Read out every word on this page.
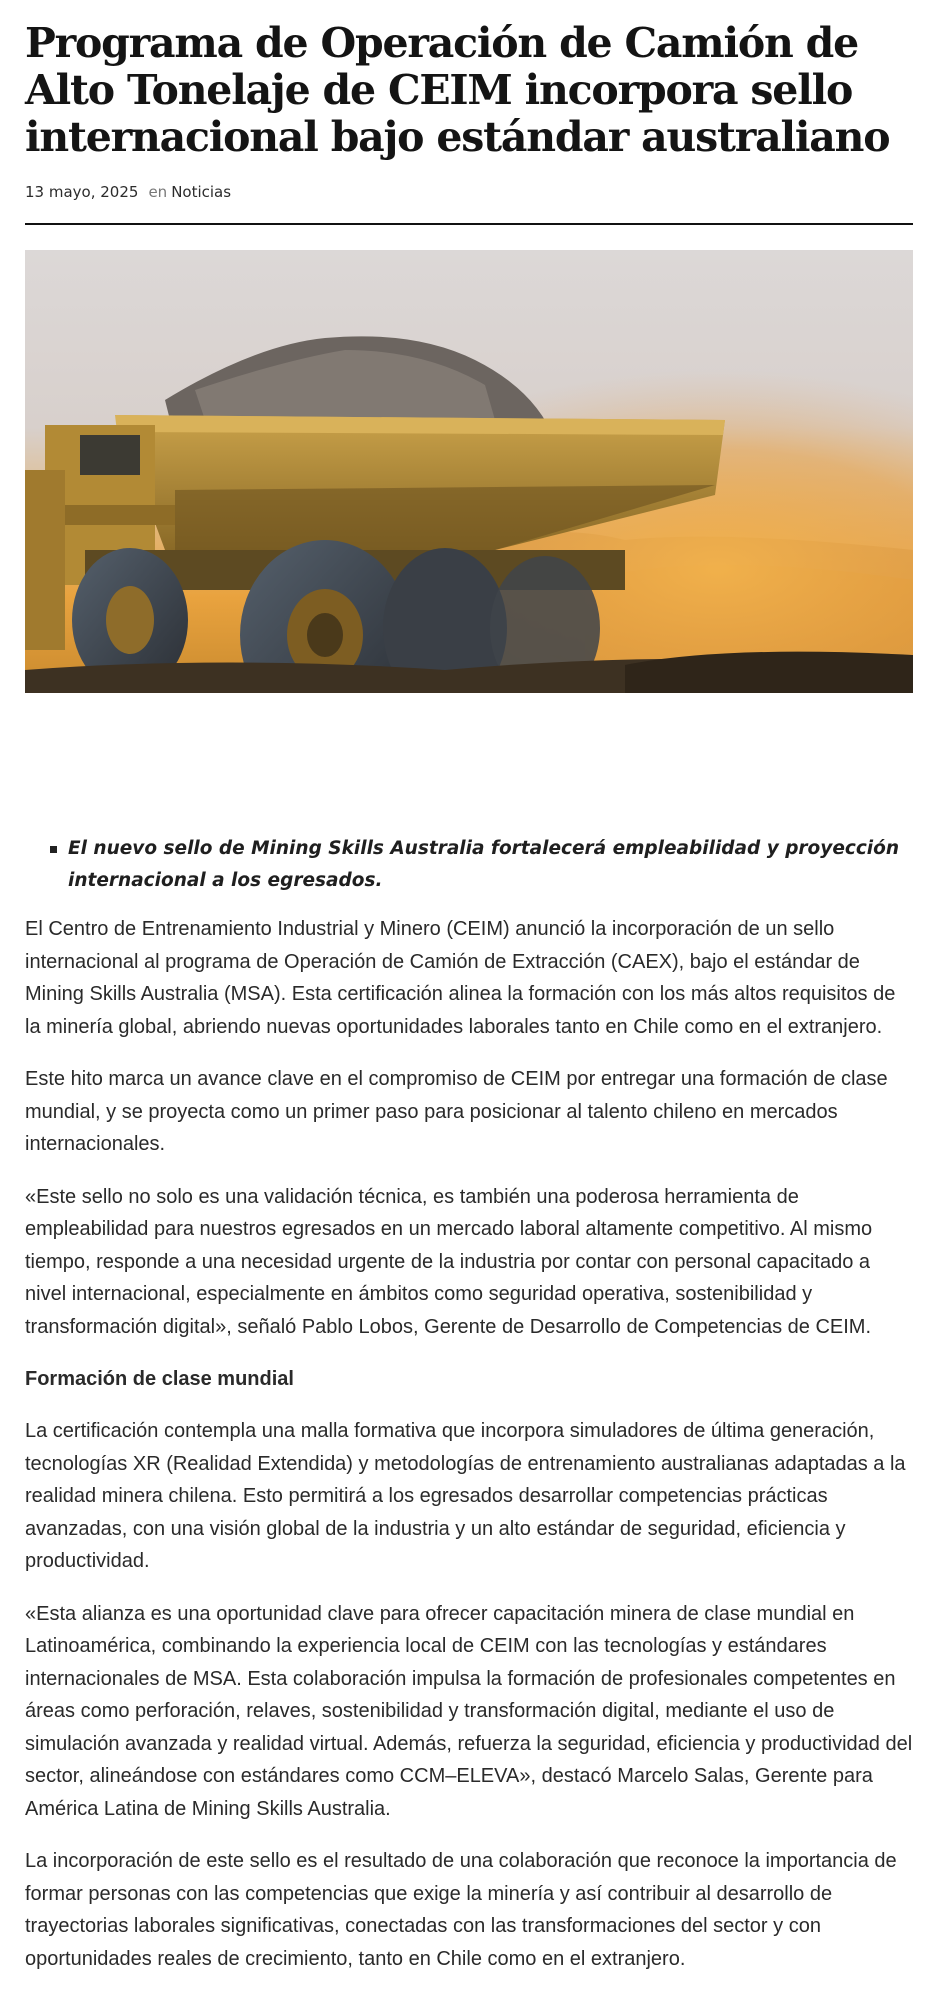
Programa de Operación de Camión de Alto Tonelaje de CEIM incorpora sello internacional bajo estándar australiano
13 mayo, 2025 en Noticias
El nuevo sello de Mining Skills Australia fortalecerá empleabilidad y proyección internacional a los egresados.

El Centro de Entrenamiento Industrial y Minero (CEIM) anunció la incorporación de un sello internacional al programa de Operación de Camión de Extracción (CAEX), bajo el estándar de Mining Skills Australia (MSA). Esta certificación alinea la formación con los más altos requisitos de la minería global, abriendo nuevas oportunidades laborales tanto en Chile como en el extranjero.

Este hito marca un avance clave en el compromiso de CEIM por entregar una formación de clase mundial, y se proyecta como un primer paso para posicionar al talento chileno en mercados internacionales.

«Este sello no solo es una validación técnica, es también una poderosa herramienta de empleabilidad para nuestros egresados en un mercado laboral altamente competitivo. Al mismo tiempo, responde a una necesidad urgente de la industria por contar con personal capacitado a nivel internacional, especialmente en ámbitos como seguridad operativa, sostenibilidad y transformación digital», señaló Pablo Lobos, Gerente de Desarrollo de Competencias de CEIM.

Formación de clase mundial

La certificación contempla una malla formativa que incorpora simuladores de última generación, tecnologías XR (Realidad Extendida) y metodologías de entrenamiento australianas adaptadas a la realidad minera chilena. Esto permitirá a los egresados desarrollar competencias prácticas avanzadas, con una visión global de la industria y un alto estándar de seguridad, eficiencia y productividad.

«Esta alianza es una oportunidad clave para ofrecer capacitación minera de clase mundial en Latinoamérica, combinando la experiencia local de CEIM con las tecnologías y estándares internacionales de MSA. Esta colaboración impulsa la formación de profesionales competentes en áreas como perforación, relaves, sostenibilidad y transformación digital, mediante el uso de simulación avanzada y realidad virtual. Además, refuerza la seguridad, eficiencia y productividad del sector, alineándose con estándares como CCM–ELEVA», destacó Marcelo Salas, Gerente para América Latina de Mining Skills Australia.

La incorporación de este sello es el resultado de una colaboración que reconoce la importancia de formar personas con las competencias que exige la minería y así contribuir al desarrollo de trayectorias laborales significativas, conectadas con las transformaciones del sector y con oportunidades reales de crecimiento, tanto en Chile como en el extranjero.
